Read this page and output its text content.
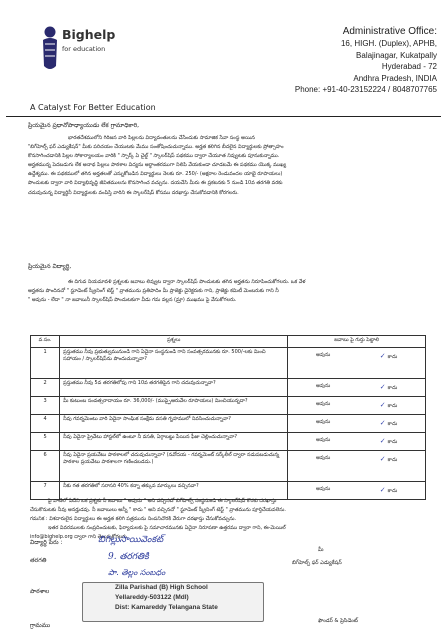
Bighelp
for education
A Catalyst For Better Education
Administrative Office:
16, HIGH. (Duplex), APHB,
Balajinagar, Kukatpally
Hyderabad - 72
Andhra Pradesh, INDIA
Phone: +91-40-23152224 / 8048707765
ప్రియమైన ప్రధానోపాధ్యాయుడు లేక గ్రామాధికారి,
భారతదేశములోని గిరిజన వారి పిల్లలను విద్యావంతులను చేసేందుకు సామాజిక సేవా సంస్థ అయిన
"బిగ్‌హెల్ప్ ఫర్ ఎడ్యుకేషన్" మీకు పరిచయం చేయుటకు మేము సంతోషించుచున్నాము. అర్హత కలిగిన బీదలైన విద్యార్థులకు ప్రోత్సాహం
కొనసాగించడానికి పిల్లల సోకార్యాలయం వారికి " స్పార్క్ ఏ చైల్డ్ " స్కాలర్‌షిప్ పథకము ద్వారా చేయూత నివ్వుటకు పూనుకున్నాము.
అర్హతమున్న పెదబడుగు లేక అనాథ పిల్లలు పాఠశాల విద్యను అర్థాంతరముగా నిలిపి వేయకుండా చూడటమే ఈ పథకము యొక్క ముఖ్య
ఉద్దేశ్యము. ఈ పథకములో తగిన అర్హతలతో ఎన్నుకోబడిన విద్యార్థులు నెలకు రూ. 250/- (అక్షరాల రెండువందల యాభై రూపాయలు)
పొందుటకు ద్వారా వారి విద్యాభివృద్ధి జీవితములను కొనసాగించ వచ్చును. దయచేసి మీరు ఈ ప్రకటనకు 5 నుండి 10వ తరగతి వరకు
చదువుచున్న విద్యార్థినీ విద్యార్థులకు వంపిస్తి వారిని ఈ స్కాలర్‌షిప్ కోసము దరఖాస్తు చేసుకోవడానికి కోరగలరు.
ప్రియమైన విద్యార్థి,
ఈ దిగువ నియమావళి ప్రశ్నలకు జవాబు లివ్వుట ద్వారా స్కాలర్‌షిప్ పొందుటకు తగిన అర్హతను నిరూపించుకోగలరు. ఒక వేళ
అర్హతను పొందినచో " స్టూడెంట్ స్క్రీనింగ్ టెస్ట్ " వ్రాతమును ప్రతిపాదిం మీ ప్రాజెక్టు డైరెక్టరుకు గాని, ప్రాజెక్టు కమిటీ మెంబరుకు గాని నీ
" అవును - లేదా " నా జవాబునీ స్కాలర్‌షిప్ పొందుటకుగా వీడు గమ వల్లన (మ్రా) ముఖము పై వేసుకోగలరు.
వ.సం.	ప్రశ్నలు	జవాబు పై గుర్తు పెట్టాలి
1	ప్రస్తుతము నీవు ప్రభుత్వుమునుండి గాని ఏదైనా సంస్థనుండి గాని సంవత్సరమునకు రూ. 500/-లకు మించి సహాయం / స్కాలర్‌షిప్‌ను పొందుచున్నావా?	అవును ✓ కాదు

2	ప్రస్తుతము నీవు 5వ తరగతిలోపు గాని 10వ తరగతిపైన గాని చదువుచున్నావా?	అవును ✓ కాదు

3	మీ కుటుంబ సంవత్సరాదాయం రూ. 36,000/- (ముప్పైఆరువేల రూపాయలు) మించియున్నదా?	అవును ✓ కాదు

4	నీవు గవర్నమెంటు వారి ఏదైనా సాంఘిక సంక్షేమ వసతి గృహములో నివసించుచున్నావా?	అవును ✓ కాదు

5	నీవు ఏదైనా ప్రైవేటు హాస్టల్‌లో ఉంటూ నీ వసతి, ఏగ్గాబట్టు పేయిన ఫీజు చెల్లించుచున్నావా?	అవును ✓ కాదు

6	నీవు ఏదైనా ప్రయవేటు పాఠశాలలో చదువుచున్నావా? (నవోదయ - గవర్నమెంట్ సర్క్‌లీల్ ద్వారా నడుపబడుచున్న పాఠశాల ప్రయవేటు పాఠశాలగా గణించబడదు.)	అవును ✓ కాదు

7	నీకు గత తరగతిలో సరాసరి 40% కన్నా తక్కువ మార్కులు వచ్చినవా?	అవును ✓ కాదు
పై వాటిలో ఏదేని ఒక ప్రశ్నకు నీ జవాబు " అవును " అని వచ్చినచో బిగ్‌హెల్ప్ సంస్థనుండి ఈ స్కాలర్‌షిప్ కొరకు దరఖాస్తు
చేసుకొనుటకు నీవు అనర్హుడవు. నీ జవాబులు అన్నీ " కాదు " అని వచ్చినచో " స్టూడెంట్ స్క్రీనింగ్ టెస్ట్ " వ్రాతమును పూర్తిచేయవలెను.
గమనిక : విశదారులైన విద్యార్థులు ఈ అర్హత కలిగి పత్రమును నింపనిచొరకి వేరుగా దరఖాస్తు చేసుకోవచ్చును.
ఇతర వివరములకు సంప్రదించుటకు, ఫిర్యాదులకు పై సమాచారమునకు ఏదైనా నిరూపణా ఉత్తరము ద్వారా గాని, ఈ-మెయిల్
info@bighelp.org ద్వారా గాని తెలుపుకోగలరు.
విద్యార్థి పేరు :	బిగిల్లుసాయివెంకట్
తరగతి	9. తరగతికి
పా. తెల్లం సంబధం
పాఠశాల
గ్రామము
Zilla Parishad (B) High School
Yellareddy-503122 (Mdl)
Dist: Kamareddy Telangana State
మీ
బిగ్‌హెల్ప్ ఫర్ ఎడ్యుకేషన్
ఫౌండర్ & ప్రెసిడెంట్
